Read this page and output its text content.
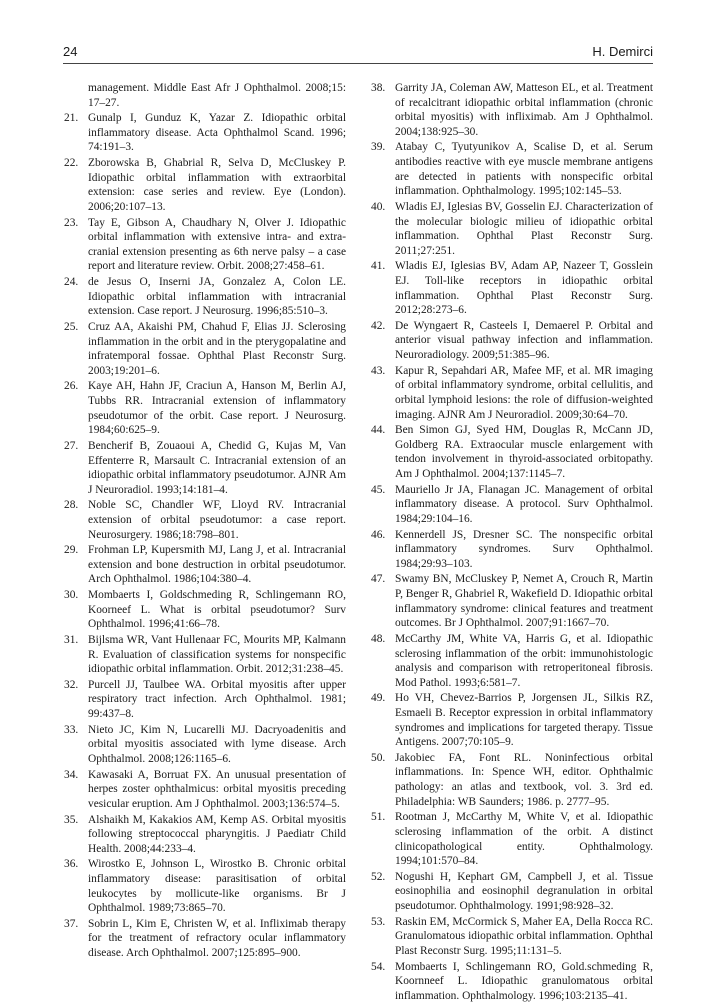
24	H. Demirci
management. Middle East Afr J Ophthalmol. 2008;15: 17–27.
21. Gunalp I, Gunduz K, Yazar Z. Idiopathic orbital inflammatory disease. Acta Ophthalmol Scand. 1996; 74:191–3.
22. Zborowska B, Ghabrial R, Selva D, McCluskey P. Idiopathic orbital inflammation with extraorbital extension: case series and review. Eye (London). 2006;20:107–13.
23. Tay E, Gibson A, Chaudhary N, Olver J. Idiopathic orbital inflammation with extensive intra- and extra-cranial extension presenting as 6th nerve palsy – a case report and literature review. Orbit. 2008;27:458–61.
24. de Jesus O, Inserni JA, Gonzalez A, Colon LE. Idiopathic orbital inflammation with intracranial extension. Case report. J Neurosurg. 1996;85:510–3.
25. Cruz AA, Akaishi PM, Chahud F, Elias JJ. Sclerosing inflammation in the orbit and in the pterygopalatine and infratemporal fossae. Ophthal Plast Reconstr Surg. 2003;19:201–6.
26. Kaye AH, Hahn JF, Craciun A, Hanson M, Berlin AJ, Tubbs RR. Intracranial extension of inflammatory pseudotumor of the orbit. Case report. J Neurosurg. 1984;60:625–9.
27. Bencherif B, Zouaoui A, Chedid G, Kujas M, Van Effenterre R, Marsault C. Intracranial extension of an idiopathic orbital inflammatory pseudotumor. AJNR Am J Neuroradiol. 1993;14:181–4.
28. Noble SC, Chandler WF, Lloyd RV. Intracranial extension of orbital pseudotumor: a case report. Neurosurgery. 1986;18:798–801.
29. Frohman LP, Kupersmith MJ, Lang J, et al. Intracranial extension and bone destruction in orbital pseudotumor. Arch Ophthalmol. 1986;104:380–4.
30. Mombaerts I, Goldschmeding R, Schlingemann RO, Koorneef L. What is orbital pseudotumor? Surv Ophthalmol. 1996;41:66–78.
31. Bijlsma WR, Vant Hullenaar FC, Mourits MP, Kalmann R. Evaluation of classification systems for nonspecific idiopathic orbital inflammation. Orbit. 2012;31:238–45.
32. Purcell JJ, Taulbee WA. Orbital myositis after upper respiratory tract infection. Arch Ophthalmol. 1981; 99:437–8.
33. Nieto JC, Kim N, Lucarelli MJ. Dacryoadenitis and orbital myositis associated with lyme disease. Arch Ophthalmol. 2008;126:1165–6.
34. Kawasaki A, Borruat FX. An unusual presentation of herpes zoster ophthalmicus: orbital myositis preceding vesicular eruption. Am J Ophthalmol. 2003;136:574–5.
35. Alshaikh M, Kakakios AM, Kemp AS. Orbital myositis following streptococcal pharyngitis. J Paediatr Child Health. 2008;44:233–4.
36. Wirostko E, Johnson L, Wirostko B. Chronic orbital inflammatory disease: parasitisation of orbital leukocytes by mollicute-like organisms. Br J Ophthalmol. 1989;73:865–70.
37. Sobrin L, Kim E, Christen W, et al. Infliximab therapy for the treatment of refractory ocular inflammatory disease. Arch Ophthalmol. 2007;125:895–900.
38. Garrity JA, Coleman AW, Matteson EL, et al. Treatment of recalcitrant idiopathic orbital inflammation (chronic orbital myositis) with infliximab. Am J Ophthalmol. 2004;138:925–30.
39. Atabay C, Tyutyunikov A, Scalise D, et al. Serum antibodies reactive with eye muscle membrane antigens are detected in patients with nonspecific orbital inflammation. Ophthalmology. 1995;102:145–53.
40. Wladis EJ, Iglesias BV, Gosselin EJ. Characterization of the molecular biologic milieu of idiopathic orbital inflammation. Ophthal Plast Reconstr Surg. 2011;27:251.
41. Wladis EJ, Iglesias BV, Adam AP, Nazeer T, Gosslein EJ. Toll-like receptors in idiopathic orbital inflammation. Ophthal Plast Reconstr Surg. 2012;28:273–6.
42. De Wyngaert R, Casteels I, Demaerel P. Orbital and anterior visual pathway infection and inflammation. Neuroradiology. 2009;51:385–96.
43. Kapur R, Sepahdari AR, Mafee MF, et al. MR imaging of orbital inflammatory syndrome, orbital cellulitis, and orbital lymphoid lesions: the role of diffusion-weighted imaging. AJNR Am J Neuroradiol. 2009;30:64–70.
44. Ben Simon GJ, Syed HM, Douglas R, McCann JD, Goldberg RA. Extraocular muscle enlargement with tendon involvement in thyroid-associated orbitopathy. Am J Ophthalmol. 2004;137:1145–7.
45. Mauriello Jr JA, Flanagan JC. Management of orbital inflammatory disease. A protocol. Surv Ophthalmol. 1984;29:104–16.
46. Kennerdell JS, Dresner SC. The nonspecific orbital inflammatory syndromes. Surv Ophthalmol. 1984;29:93–103.
47. Swamy BN, McCluskey P, Nemet A, Crouch R, Martin P, Benger R, Ghabriel R, Wakefield D. Idiopathic orbital inflammatory syndrome: clinical features and treatment outcomes. Br J Ophthalmol. 2007;91:1667–70.
48. McCarthy JM, White VA, Harris G, et al. Idiopathic sclerosing inflammation of the orbit: immunohistologic analysis and comparison with retroperitoneal fibrosis. Mod Pathol. 1993;6:581–7.
49. Ho VH, Chevez-Barrios P, Jorgensen JL, Silkis RZ, Esmaeli B. Receptor expression in orbital inflammatory syndromes and implications for targeted therapy. Tissue Antigens. 2007;70:105–9.
50. Jakobiec FA, Font RL. Noninfectious orbital inflammations. In: Spence WH, editor. Ophthalmic pathology: an atlas and textbook, vol. 3. 3rd ed. Philadelphia: WB Saunders; 1986. p. 2777–95.
51. Rootman J, McCarthy M, White V, et al. Idiopathic sclerosing inflammation of the orbit. A distinct clinicopathological entity. Ophthalmology. 1994;101:570–84.
52. Nogushi H, Kephart GM, Campbell J, et al. Tissue eosinophilia and eosinophil degranulation in orbital pseudotumor. Ophthalmology. 1991;98:928–32.
53. Raskin EM, McCormick S, Maher EA, Della Rocca RC. Granulomatous idiopathic orbital inflammation. Ophthal Plast Reconstr Surg. 1995;11:131–5.
54. Mombaerts I, Schlingemann RO, Gold.schmeding R, Koornneef L. Idiopathic granulomatous orbital inflammation. Ophthalmology. 1996;103:2135–41.
